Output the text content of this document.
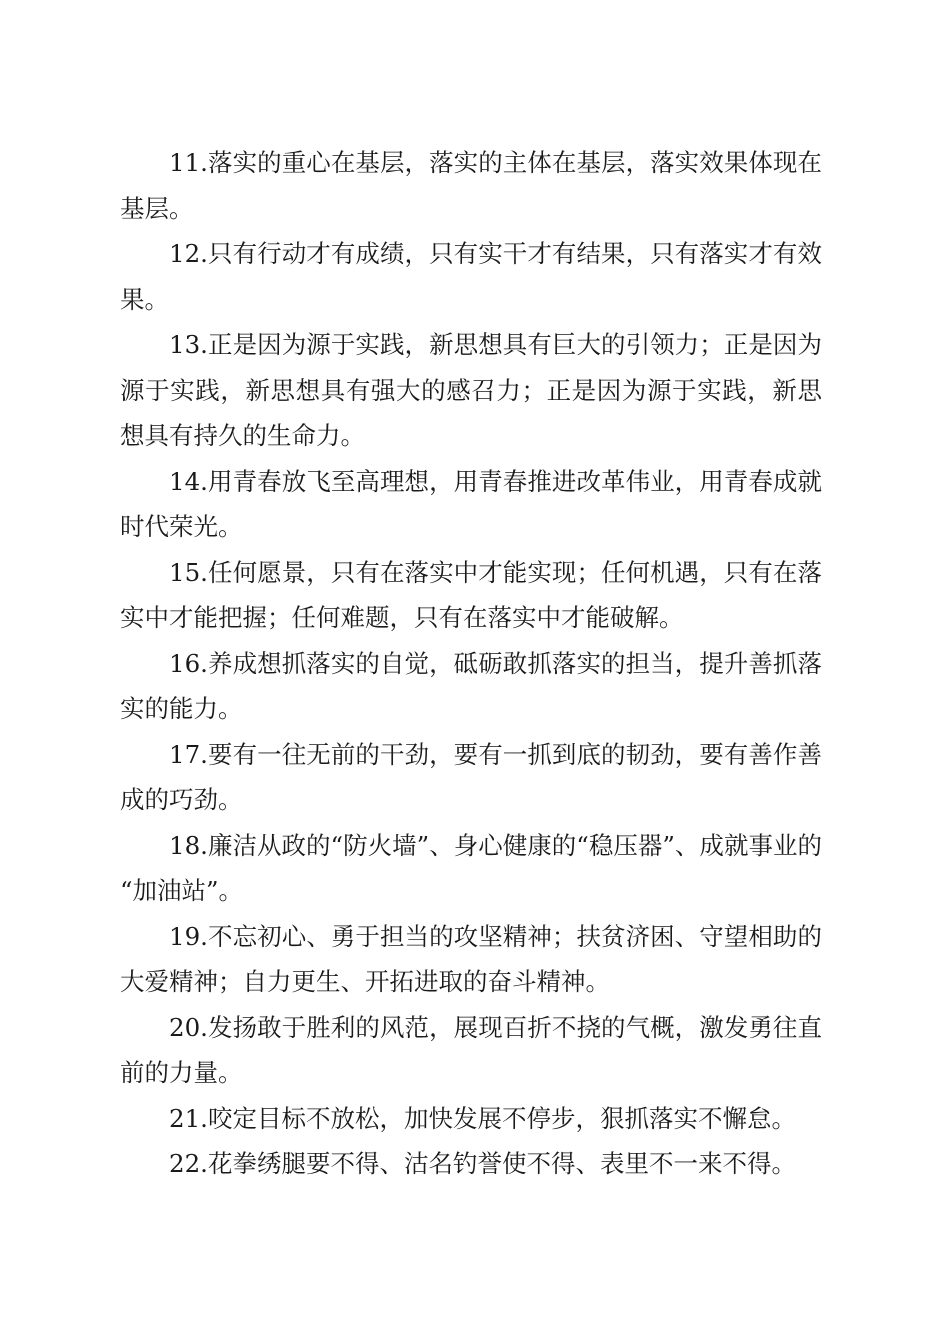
11.落实的重心在基层，落实的主体在基层，落实效果体现在基层。

12.只有行动才有成绩，只有实干才有结果，只有落实才有效果。

13.正是因为源于实践，新思想具有巨大的引领力；正是因为源于实践，新思想具有强大的感召力；正是因为源于实践，新思想具有持久的生命力。

14.用青春放飞至高理想，用青春推进改革伟业，用青春成就时代荣光。

15.任何愿景，只有在落实中才能实现；任何机遇，只有在落实中才能把握；任何难题，只有在落实中才能破解。

16.养成想抓落实的自觉，砥砺敢抓落实的担当，提升善抓落实的能力。

17.要有一往无前的干劲，要有一抓到底的韧劲，要有善作善成的巧劲。

18.廉洁从政的“防火墙”、身心健康的“稳压器”、成就事业的“加油站”。

19.不忘初心、勇于担当的攻坚精神；扶贫济困、守望相助的大爱精神；自力更生、开拓进取的奋斗精神。

20.发扬敢于胜利的风范，展现百折不挠的气概，激发勇往直前的力量。

21.咬定目标不放松，加快发展不停步，狠抓落实不懈怠。

22.花拳绣腿要不得、沽名钓誉使不得、表里不一来不得。
